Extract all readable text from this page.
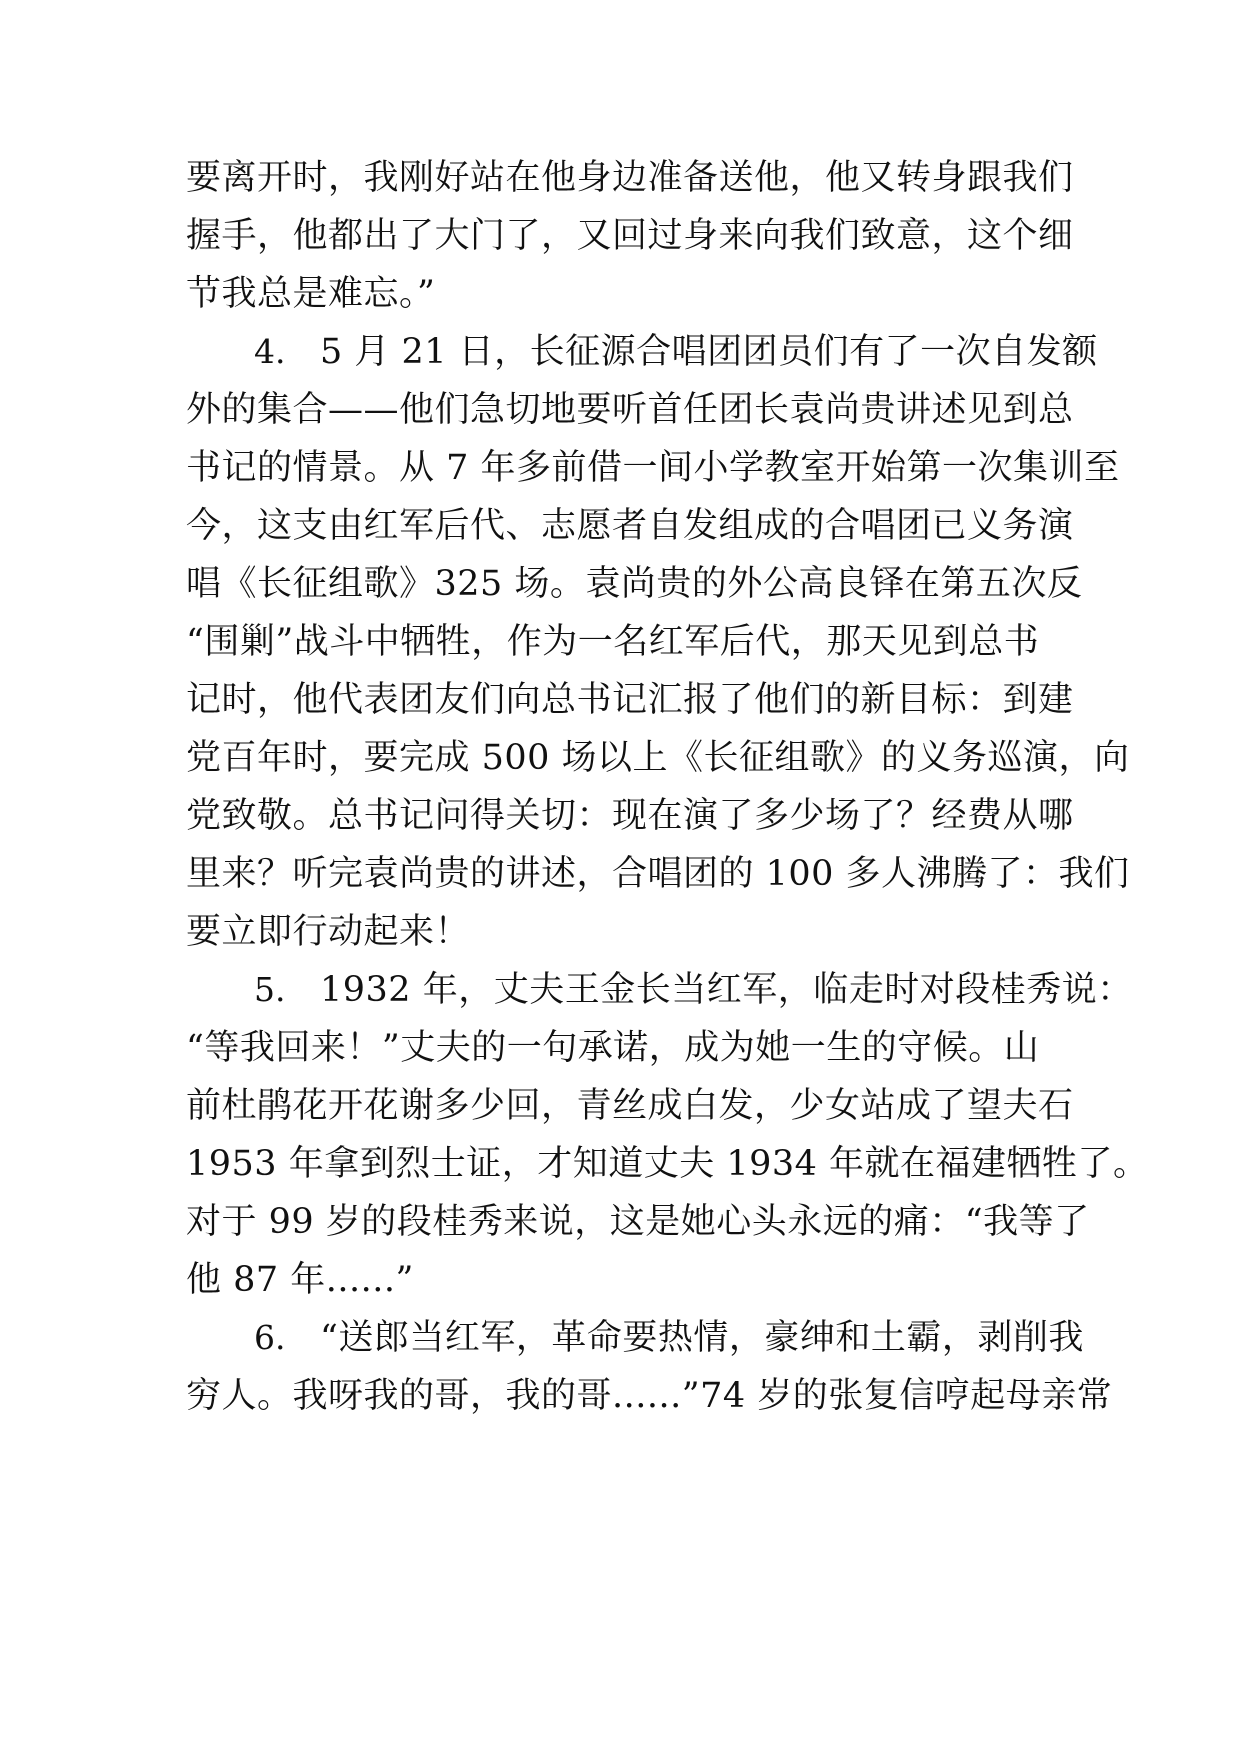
要离开时，我刚好站在他身边准备送他，他又转身跟我们
握手，他都出了大门了，又回过身来向我们致意，这个细
节我总是难忘。”
4. 5 月 21 日，长征源合唱团团员们有了一次自发额
外的集合——他们急切地要听首任团长袁尚贵讲述见到总
书记的情景。从 7 年多前借一间小学教室开始第一次集训至
今，这支由红军后代、志愿者自发组成的合唱团已义务演
唱《长征组歌》325 场。袁尚贵的外公高良铎在第五次反
“围剿”战斗中牺牲，作为一名红军后代，那天见到总书
记时，他代表团友们向总书记汇报了他们的新目标：到建
党百年时，要完成 500 场以上《长征组歌》的义务巡演，向
党致敬。总书记问得关切：现在演了多少场了？经费从哪
里来？听完袁尚贵的讲述，合唱团的 100 多人沸腾了：我们
要立即行动起来！
5. 1932 年，丈夫王金长当红军，临走时对段桂秀说：
“等我回来！”丈夫的一句承诺，成为她一生的守候。山
前杜鹃花开花谢多少回，青丝成白发，少女站成了望夫石
1953 年拿到烈士证，才知道丈夫 1934 年就在福建牺牲了。
对于 99 岁的段桂秀来说，这是她心头永远的痛：“我等了
他 87 年......”
6. “送郎当红军，革命要热情，豪绅和土霸，剥削我
穷人。我呀我的哥，我的哥......”74 岁的张复信哼起母亲常
